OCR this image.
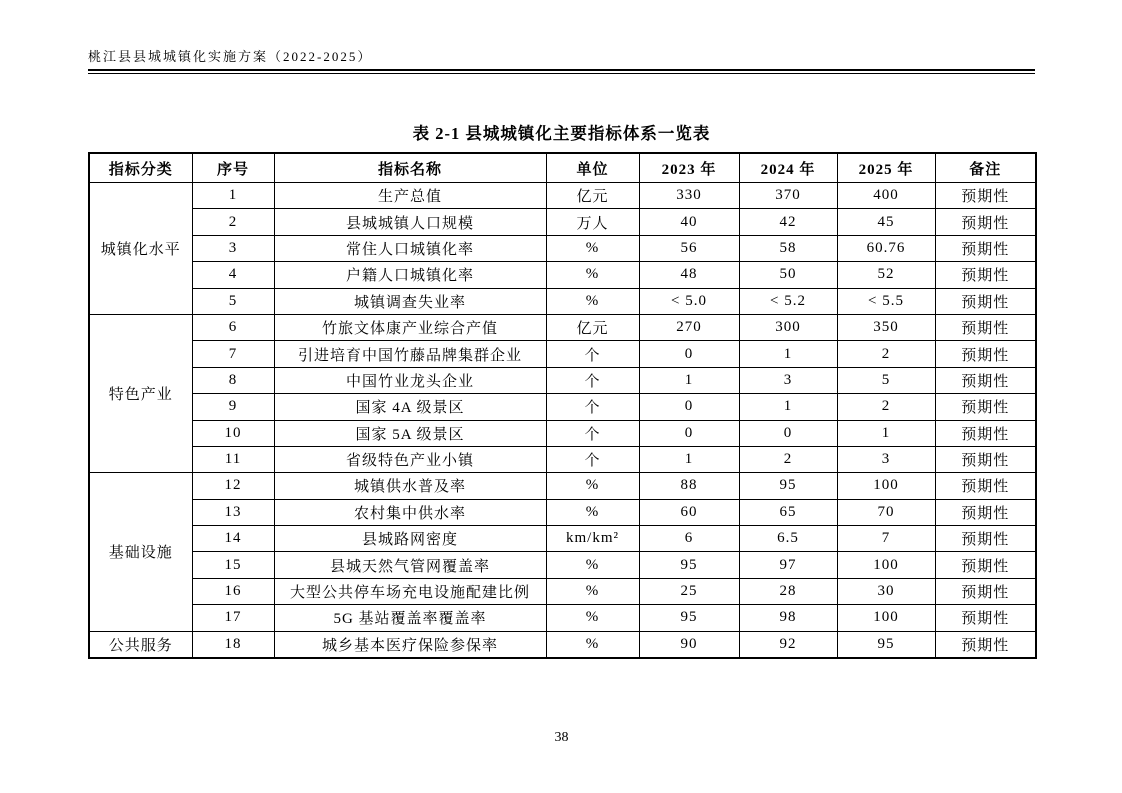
桃江县县城城镇化实施方案（2022-2025）
表 2-1 县城城镇化主要指标体系一览表
指标分类	序号	指标名称	单位	2023 年	2024 年	2025 年	备注
城镇化水平	1	生产总值	亿元	330	370	400	预期性
	2	县城城镇人口规模	万人	40	42	45	预期性
	3	常住人口城镇化率	%	56	58	60.76	预期性
	4	户籍人口城镇化率	%	48	50	52	预期性
	5	城镇调查失业率	%	< 5.0	< 5.2	< 5.5	预期性
特色产业	6	竹旅文体康产业综合产值	亿元	270	300	350	预期性
	7	引进培育中国竹藤品牌集群企业	个	0	1	2	预期性
	8	中国竹业龙头企业	个	1	3	5	预期性
	9	国家 4A 级景区	个	0	1	2	预期性
	10	国家 5A 级景区	个	0	0	1	预期性
	11	省级特色产业小镇	个	1	2	3	预期性
基础设施	12	城镇供水普及率	%	88	95	100	预期性
	13	农村集中供水率	%	60	65	70	预期性
	14	县城路网密度	km/km²	6	6.5	7	预期性
	15	县城天然气管网覆盖率	%	95	97	100	预期性
	16	大型公共停车场充电设施配建比例	%	25	28	30	预期性
	17	5G 基站覆盖率覆盖率	%	95	98	100	预期性
公共服务	18	城乡基本医疗保险参保率	%	90	92	95	预期性
38
